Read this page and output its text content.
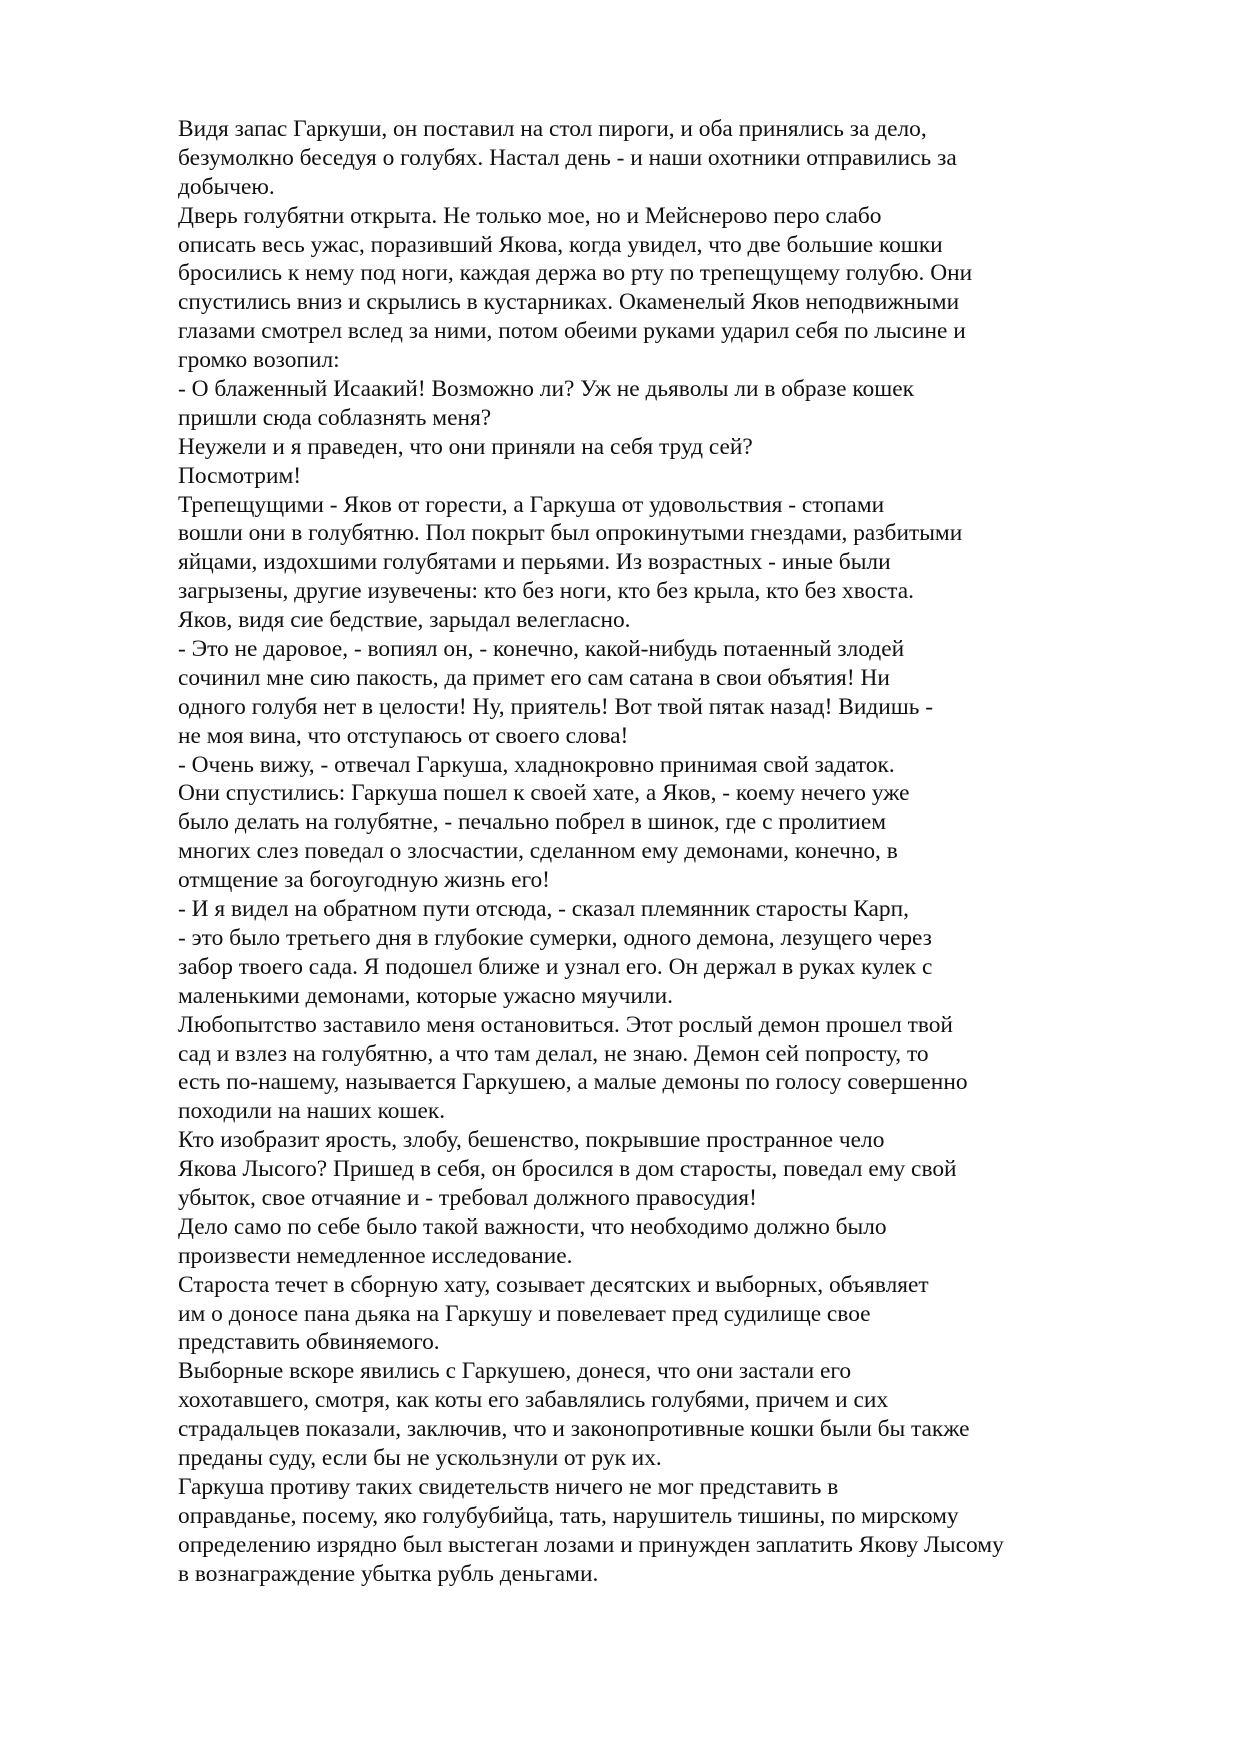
Видя запас Гаркуши, он поставил на стол пироги, и оба принялись за дело,
безумолкно беседуя о голубях. Настал день - и наши охотники отправились за
добычею.
Дверь голубятни открыта. Не только мое, но и Мейснерово перо слабо
описать весь ужас, поразивший Якова, когда увидел, что две большие кошки
бросились к нему под ноги, каждая держа во рту по трепещущему голубю. Они
спустились вниз и скрылись в кустарниках. Окаменелый Яков неподвижными
глазами смотрел вслед за ними, потом обеими руками ударил себя по лысине и
громко возопил:
- О блаженный Исаакий! Возможно ли? Уж не дьяволы ли в образе кошек
пришли сюда соблазнять меня?
Неужели и я праведен, что они приняли на себя труд сей?
Посмотрим!
Трепещущими - Яков от горести, а Гаркуша от удовольствия - стопами
вошли они в голубятню. Пол покрыт был опрокинутыми гнездами, разбитыми
яйцами, издохшими голубятами и перьями. Из возрастных - иные были
загрызены, другие изувечены: кто без ноги, кто без крыла, кто без хвоста.
Яков, видя сие бедствие, зарыдал велегласно.
- Это не даровое, - вопиял он, - конечно, какой-нибудь потаенный злодей
сочинил мне сию пакость, да примет его сам сатана в свои объятия! Ни
одного голубя нет в целости! Ну, приятель! Вот твой пятак назад! Видишь -
не моя вина, что отступаюсь от своего слова!
- Очень вижу, - отвечал Гаркуша, хладнокровно принимая свой задаток.
Они спустились: Гаркуша пошел к своей хате, а Яков, - коему нечего уже
было делать на голубятне, - печально побрел в шинок, где с пролитием
многих слез поведал о злосчастии, сделанном ему демонами, конечно, в
отмщение за богоугодную жизнь его!
- И я видел на обратном пути отсюда, - сказал племянник старосты Карп,
- это было третьего дня в глубокие сумерки, одного демона, лезущего через
забор твоего сада. Я подошел ближе и узнал его. Он держал в руках кулек с
маленькими демонами, которые ужасно мяучили.
Любопытство заставило меня остановиться. Этот рослый демон прошел твой
сад и взлез на голубятню, а что там делал, не знаю. Демон сей попросту, то
есть по-нашему, называется Гаркушею, а малые демоны по голосу совершенно
походили на наших кошек.
Кто изобразит ярость, злобу, бешенство, покрывшие пространное чело
Якова Лысого? Пришед в себя, он бросился в дом старосты, поведал ему свой
убыток, свое отчаяние и - требовал должного правосудия!
Дело само по себе было такой важности, что необходимо должно было
произвести немедленное исследование.
Староста течет в сборную хату, созывает десятских и выборных, объявляет
им о доносе пана дьяка на Гаркушу и повелевает пред судилище свое
представить обвиняемого.
Выборные вскоре явились с Гаркушею, донеся, что они застали его
хохотавшего, смотря, как коты его забавлялись голубями, причем и сих
страдальцев показали, заключив, что и законопротивные кошки были бы также
преданы суду, если бы не ускользнули от рук их.
Гаркуша противу таких свидетельств ничего не мог представить в
оправданье, посему, яко голубубийца, тать, нарушитель тишины, по мирскому
определению изрядно был выстеган лозами и принужден заплатить Якову Лысому
в вознаграждение убытка рубль деньгами.
